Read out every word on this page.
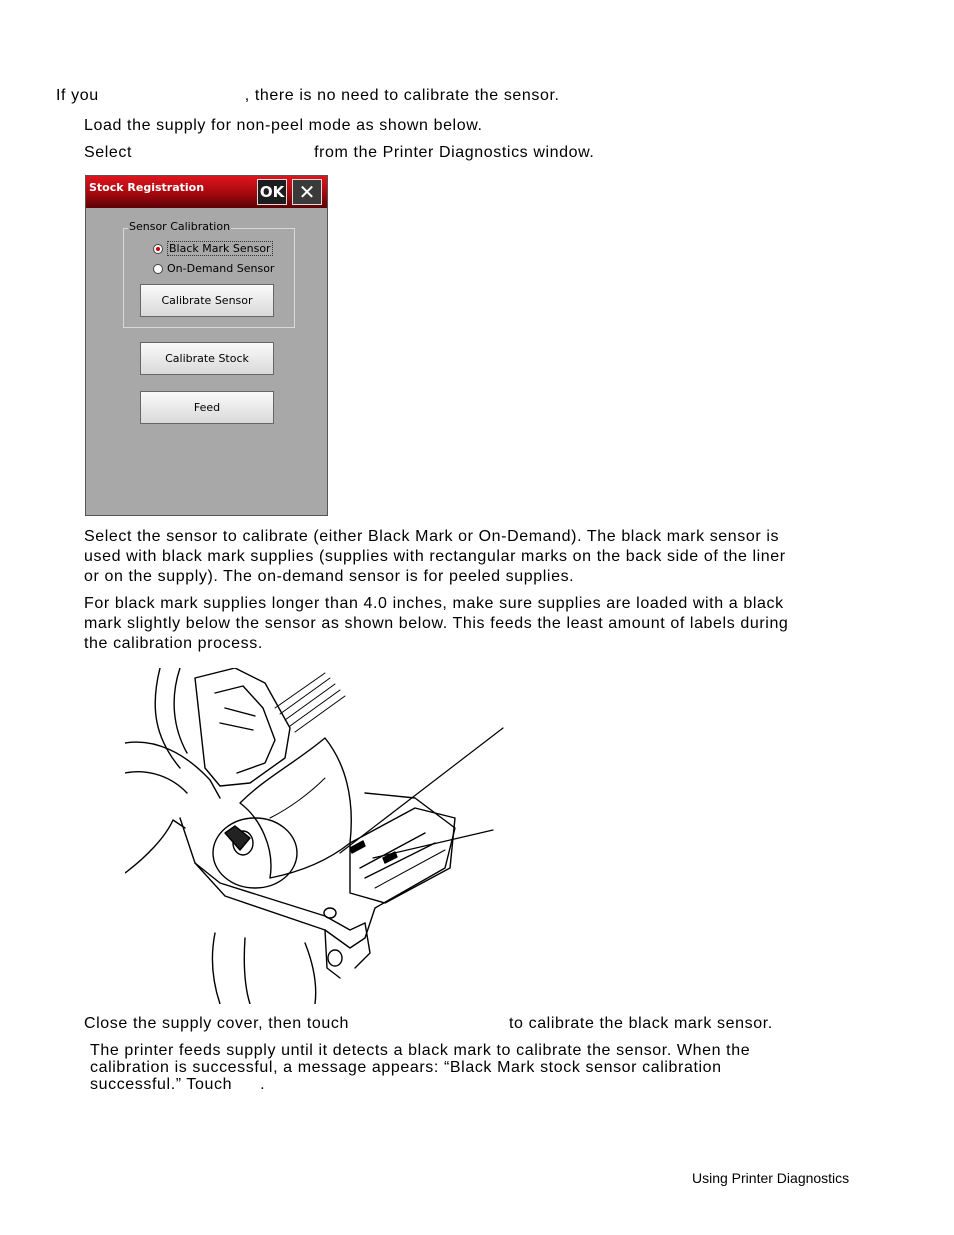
If you	, there is no need to calibrate the sensor.
Load the supply for non-peel mode as shown below.
Select	from the Printer Diagnostics window.
Stock Registration	OK ✕
Sensor Calibration
Black Mark Sensor
On-Demand Sensor
Calibrate Sensor
Calibrate Stock
Feed
Select the sensor to calibrate (either Black Mark or On-Demand). The black mark sensor is
used with black mark supplies (supplies with rectangular marks on the back side of the liner
or on the supply). The on-demand sensor is for peeled supplies.
For black mark supplies longer than 4.0 inches, make sure supplies are loaded with a black
mark slightly below the sensor as shown below. This feeds the least amount of labels during
the calibration process.
Close the supply cover, then touch	to calibrate the black mark sensor.
The printer feeds supply until it detects a black mark to calibrate the sensor. When the
calibration is successful, a message appears: “Black Mark stock sensor calibration
successful.” Touch .
Using Printer Diagnostics
